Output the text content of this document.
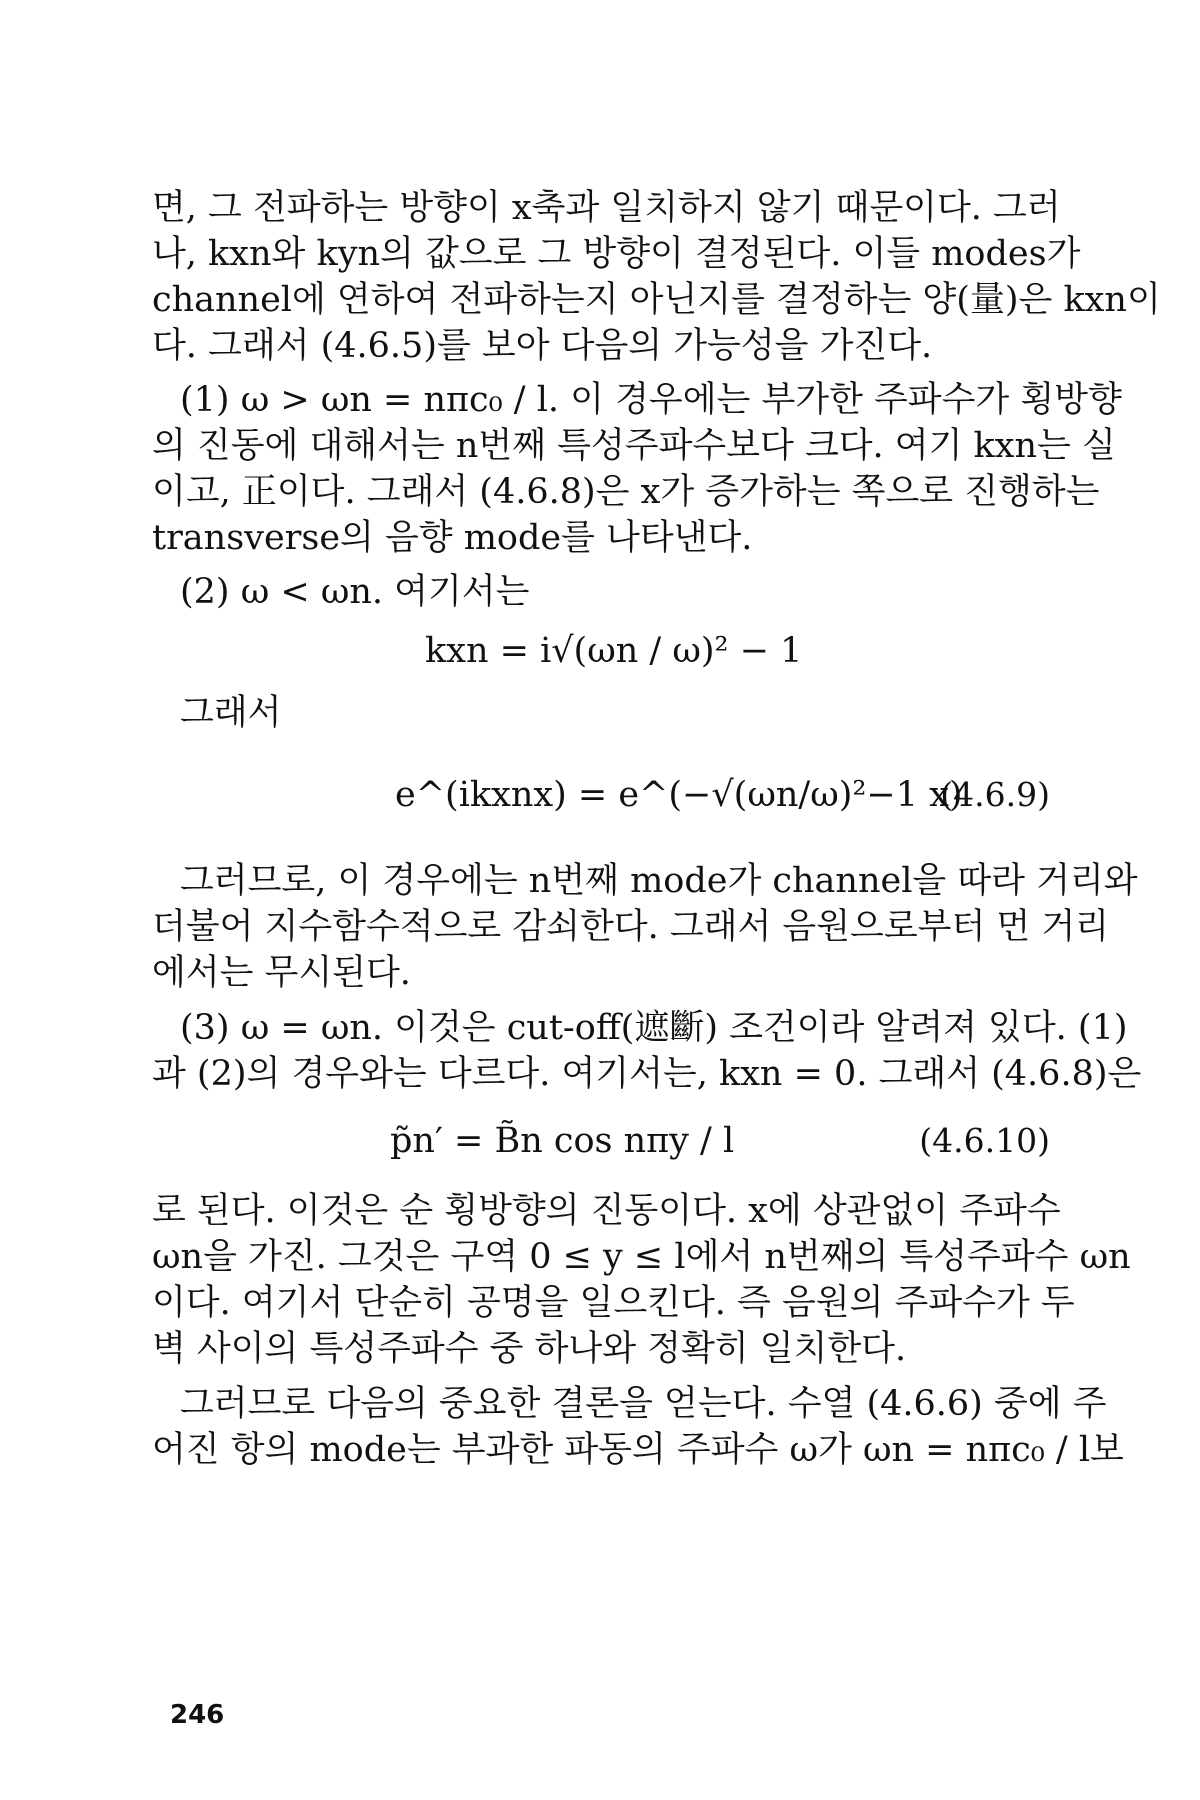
면, 그 전파하는 방향이 x축과 일치하지 않기 때문이다. 그러
나, kxn와 kyn의 값으로 그 방향이 결정된다. 이들 modes가
channel에 연하여 전파하는지 아닌지를 결정하는 양(量)은 kxn이
다. 그래서 (4.6.5)를 보아 다음의 가능성을 가진다.
(1) ω > ωn = nπc₀ / l. 이 경우에는 부가한 주파수가 횡방향
의 진동에 대해서는 n번째 특성주파수보다 크다. 여기 kxn는 실
이고, 正이다. 그래서 (4.6.8)은 x가 증가하는 쪽으로 진행하는
transverse의 음향 mode를 나타낸다.
(2) ω < ωn. 여기서는
kxn = i√(ωn / ω)² − 1
그래서
e^(ikxnx) = e^(−√(ωn/ω)²−1 x)
(4.6.9)
그러므로, 이 경우에는 n번째 mode가 channel을 따라 거리와
더불어 지수함수적으로 감쇠한다. 그래서 음원으로부터 먼 거리
에서는 무시된다.
(3) ω = ωn. 이것은 cut-off(遮斷) 조건이라 알려져 있다. (1)
과 (2)의 경우와는 다르다. 여기서는, kxn = 0. 그래서 (4.6.8)은
p̃n′ = B̃n cos nπy / l	(4.6.10)
로 된다. 이것은 순 횡방향의 진동이다. x에 상관없이 주파수
ωn을 가진. 그것은 구역 0 ≤ y ≤ l에서 n번째의 특성주파수 ωn
이다. 여기서 단순히 공명을 일으킨다. 즉 음원의 주파수가 두
벽 사이의 특성주파수 중 하나와 정확히 일치한다.
그러므로 다음의 중요한 결론을 얻는다. 수열 (4.6.6) 중에 주
어진 항의 mode는 부과한 파동의 주파수 ω가 ωn = nπc₀ / l보
246
